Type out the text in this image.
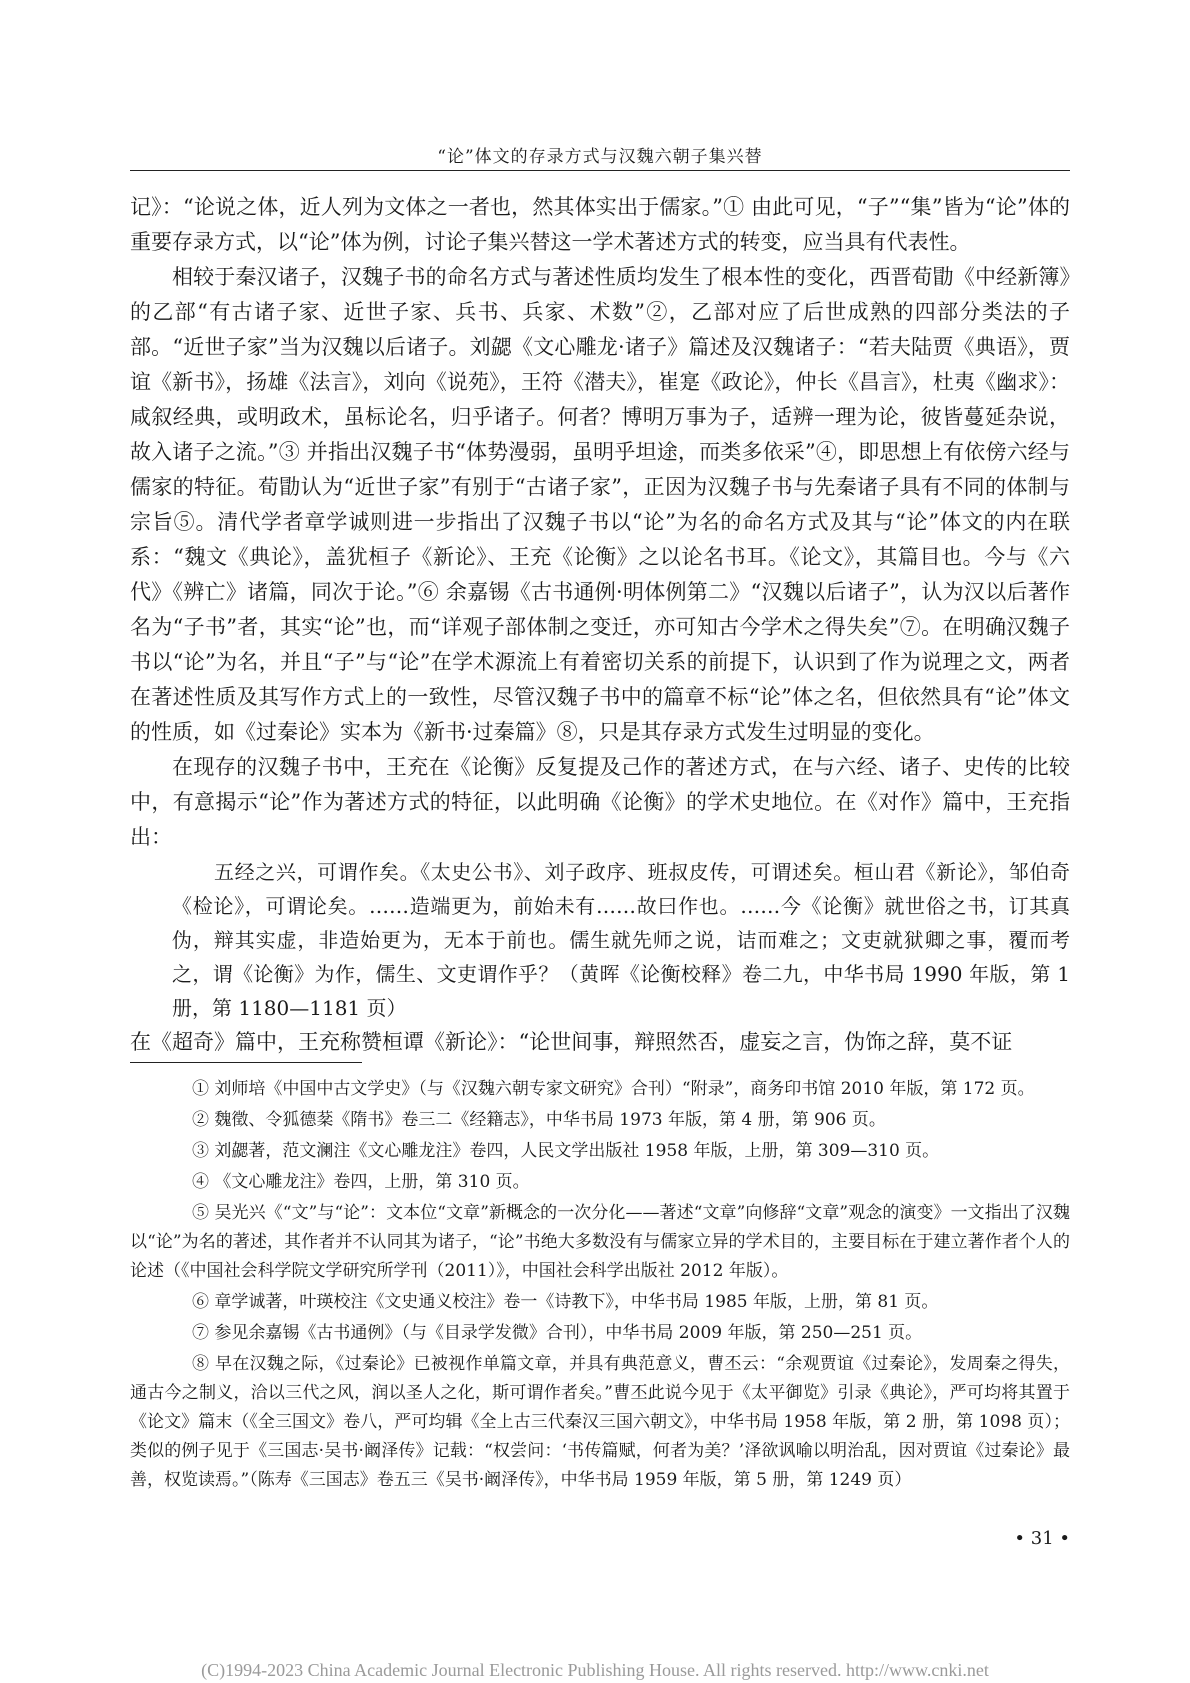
“论”体文的存录方式与汉魏六朝子集兴替

记》：“论说之体，近人列为文体之一者也，然其体实出于儒家。”① 由此可见，“子”“集”皆为“论”体的重要存录方式，以“论”体为例，讨论子集兴替这一学术著述方式的转变，应当具有代表性。

相较于秦汉诸子，汉魏子书的命名方式与著述性质均发生了根本性的变化，西晋荀勖《中经新簿》的乙部“有古诸子家、近世子家、兵书、兵家、术数”②，乙部对应了后世成熟的四部分类法的子部。“近世子家”当为汉魏以后诸子。刘勰《文心雕龙·诸子》篇述及汉魏诸子：“若夫陆贾《典语》，贾谊《新书》，扬雄《法言》，刘向《说苑》，王符《潜夫》，崔寔《政论》，仲长《昌言》，杜夷《幽求》：咸叙经典，或明政术，虽标论名，归乎诸子。何者？博明万事为子，适辨一理为论，彼皆蔓延杂说，故入诸子之流。”③ 并指出汉魏子书“体势漫弱，虽明乎坦途，而类多依采”④，即思想上有依傍六经与儒家的特征。荀勖认为“近世子家”有别于“古诸子家”，正因为汉魏子书与先秦诸子具有不同的体制与宗旨⑤。清代学者章学诚则进一步指出了汉魏子书以“论”为名的命名方式及其与“论”体文的内在联系：“魏文《典论》，盖犹桓子《新论》、王充《论衡》之以论名书耳。《论文》，其篇目也。今与《六代》《辨亡》诸篇，同次于论。”⑥ 余嘉锡《古书通例·明体例第二》“汉魏以后诸子”，认为汉以后著作名为“子书”者，其实“论”也，而“详观子部体制之变迁，亦可知古今学术之得失矣”⑦。在明确汉魏子书以“论”为名，并且“子”与“论”在学术源流上有着密切关系的前提下，认识到了作为说理之文，两者在著述性质及其写作方式上的一致性，尽管汉魏子书中的篇章不标“论”体之名，但依然具有“论”体文的性质，如《过秦论》实本为《新书·过秦篇》⑧，只是其存录方式发生过明显的变化。

在现存的汉魏子书中，王充在《论衡》反复提及己作的著述方式，在与六经、诸子、史传的比较中，有意揭示“论”作为著述方式的特征，以此明确《论衡》的学术史地位。在《对作》篇中，王充指出：

五经之兴，可谓作矣。《太史公书》、刘子政序、班叔皮传，可谓述矣。桓山君《新论》，邹伯奇《检论》，可谓论矣。……造端更为，前始未有……故曰作也。……今《论衡》就世俗之书，订其真伪，辩其实虚，非造始更为，无本于前也。儒生就先师之说，诘而难之；文吏就狱卿之事，覆而考之，谓《论衡》为作，儒生、文吏谓作乎？（黄晖《论衡校释》卷二九，中华书局 1990 年版，第 1 册，第 1180—1181 页）

在《超奇》篇中，王充称赞桓谭《新论》：“论世间事，辩照然否，虚妄之言，伪饰之辞，莫不证

① 刘师培《中国中古文学史》（与《汉魏六朝专家文研究》合刊）“附录”，商务印书馆 2010 年版，第 172 页。

② 魏徵、令狐德棻《隋书》卷三二《经籍志》，中华书局 1973 年版，第 4 册，第 906 页。

③ 刘勰著，范文澜注《文心雕龙注》卷四，人民文学出版社 1958 年版，上册，第 309—310 页。

④ 《文心雕龙注》卷四，上册，第 310 页。

⑤ 吴光兴《“文”与“论”：文本位“文章”新概念的一次分化——著述“文章”向修辞“文章”观念的演变》一文指出了汉魏以“论”为名的著述，其作者并不认同其为诸子，“论”书绝大多数没有与儒家立异的学术目的，主要目标在于建立著作者个人的论述（《中国社会科学院文学研究所学刊（2011）》，中国社会科学出版社 2012 年版）。

⑥ 章学诚著，叶瑛校注《文史通义校注》卷一《诗教下》，中华书局 1985 年版，上册，第 81 页。

⑦ 参见余嘉锡《古书通例》（与《目录学发微》合刊），中华书局 2009 年版，第 250—251 页。

⑧ 早在汉魏之际，《过秦论》已被视作单篇文章，并具有典范意义，曹丕云：“余观贾谊《过秦论》，发周秦之得失，通古今之制义，洽以三代之风，润以圣人之化，斯可谓作者矣。”曹丕此说今见于《太平御览》引录《典论》，严可均将其置于《论文》篇末（《全三国文》卷八，严可均辑《全上古三代秦汉三国六朝文》，中华书局 1958 年版，第 2 册，第 1098 页）；类似的例子见于《三国志·吴书·阚泽传》记载：“权尝问：‘书传篇赋，何者为美？’泽欲讽喻以明治乱，因对贾谊《过秦论》最善，权览读焉。”（陈寿《三国志》卷五三《吴书·阚泽传》，中华书局 1959 年版，第 5 册，第 1249 页）

• 31 •
(C)1994-2023 China Academic Journal Electronic Publishing House. All rights reserved. http://www.cnki.net
